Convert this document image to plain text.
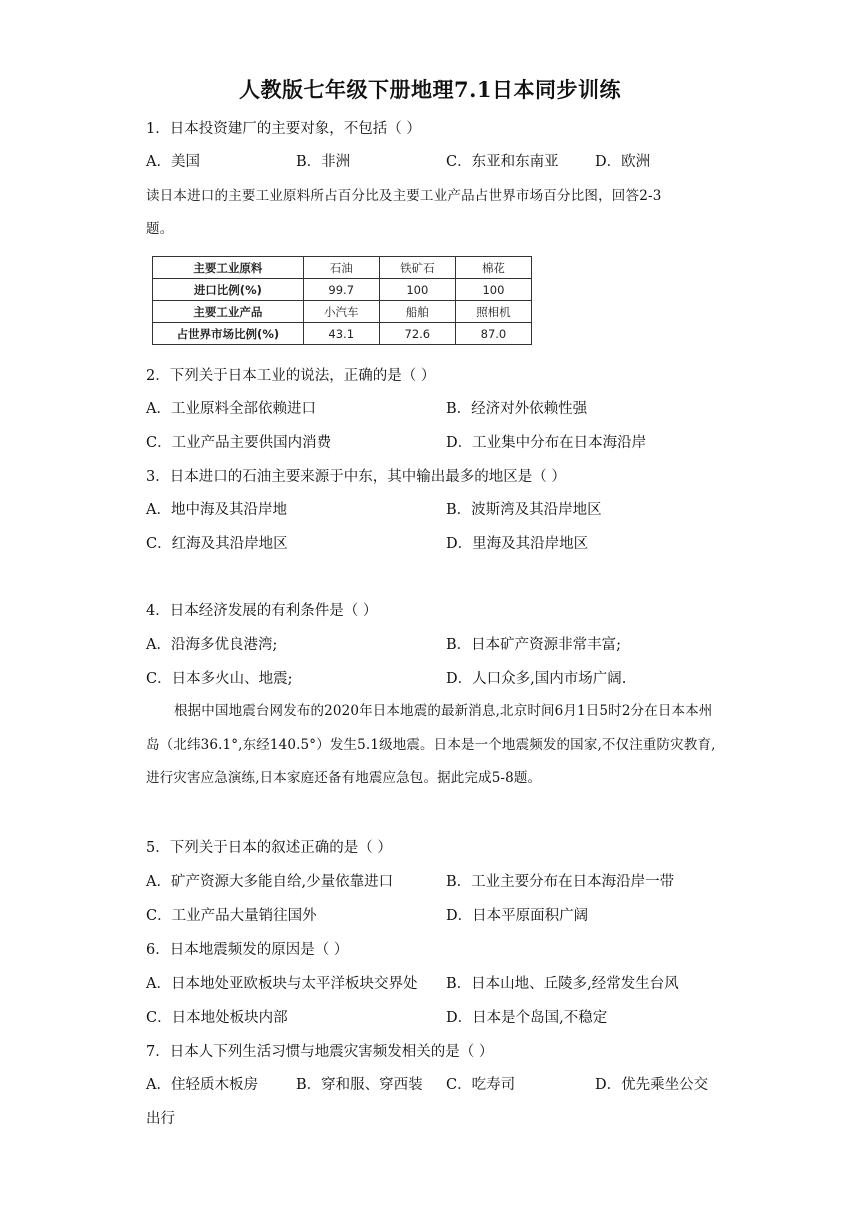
人教版七年级下册地理7.1日本同步训练
1．日本投资建厂的主要对象，不包括（ ）
A．美国	B．非洲	C．东亚和东南亚	D．欧洲
读日本进口的主要工业原料所占百分比及主要工业产品占世界市场百分比图，回答2-3
题。
主要工业原料	石油	铁矿石	棉花
进口比例(%)	99.7	100	100
主要工业产品	小汽车	船舶	照相机
占世界市场比例(%)	43.1	72.6	87.0
2．下列关于日本工业的说法，正确的是（ ）
A．工业原料全部依赖进口	B．经济对外依赖性强
C．工业产品主要供国内消费	D．工业集中分布在日本海沿岸
3．日本进口的石油主要来源于中东，其中输出最多的地区是（ ）
A．地中海及其沿岸地	B．波斯湾及其沿岸地区
C．红海及其沿岸地区	D．里海及其沿岸地区
4．日本经济发展的有利条件是（ ）
A．沿海多优良港湾;	B．日本矿产资源非常丰富;
C．日本多火山、地震;	D．人口众多,国内市场广阔.
根据中国地震台网发布的2020年日本地震的最新消息,北京时间6月1日5时2分在日本本州岛（北纬36.1°,东经140.5°）发生5.1级地震。日本是一个地震频发的国家,不仅注重防灾教育,进行灾害应急演练,日本家庭还备有地震应急包。据此完成5-8题。
5．下列关于日本的叙述正确的是（ ）
A．矿产资源大多能自给,少量依靠进口	B．工业主要分布在日本海沿岸一带
C．工业产品大量销往国外	D．日本平原面积广阔
6．日本地震频发的原因是（ ）
A．日本地处亚欧板块与太平洋板块交界处 B．日本山地、丘陵多,经常发生台风
C．日本地处板块内部	D．日本是个岛国,不稳定
7．日本人下列生活习惯与地震灾害频发相关的是（ ）
A．住轻质木板房	B．穿和服、穿西装 C．吃寿司	D．优先乘坐公交
出行
